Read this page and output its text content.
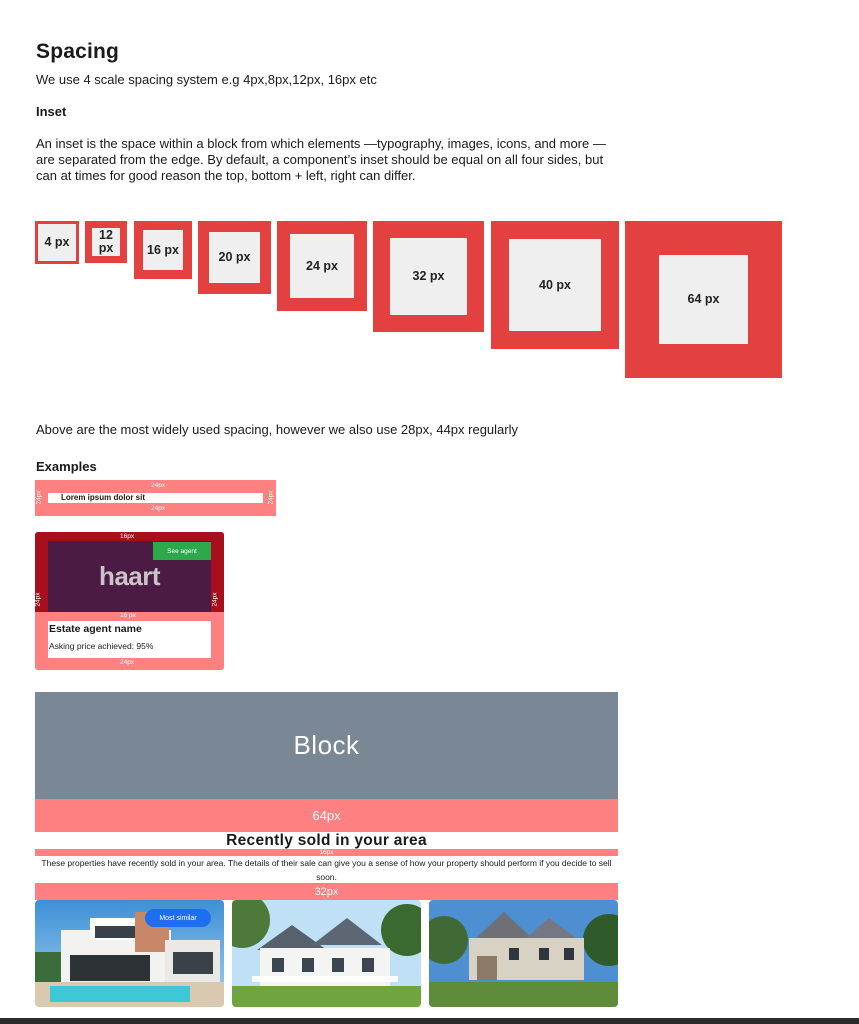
Spacing
We use 4 scale spacing system e.g 4px,8px,12px, 16px etc
Inset
An inset is the space within a block from which elements —typography, images, icons, and more — are separated from the edge. By default, a component’s inset should be equal on all four sides, but can at times for good reason the top, bottom + left, right can differ.
4 px	12 px	16 px
20 px
24 px
32 px
40 px
64 px
Above are the most widely used spacing, however we also use 28px, 44px regularly
Examples
24px
Lorem ipsum dolor sit
24px
24px	24px
16px
haart
See agent
24px	24px
16 px
Estate agent name
Asking price achieved: 95%
24px
Block
64px
Recently sold in your area
16px
These properties have recently sold in your area. The details of their sale can give you a sense of how your property should perform if you decide to sell soon.
32px
Most similar
